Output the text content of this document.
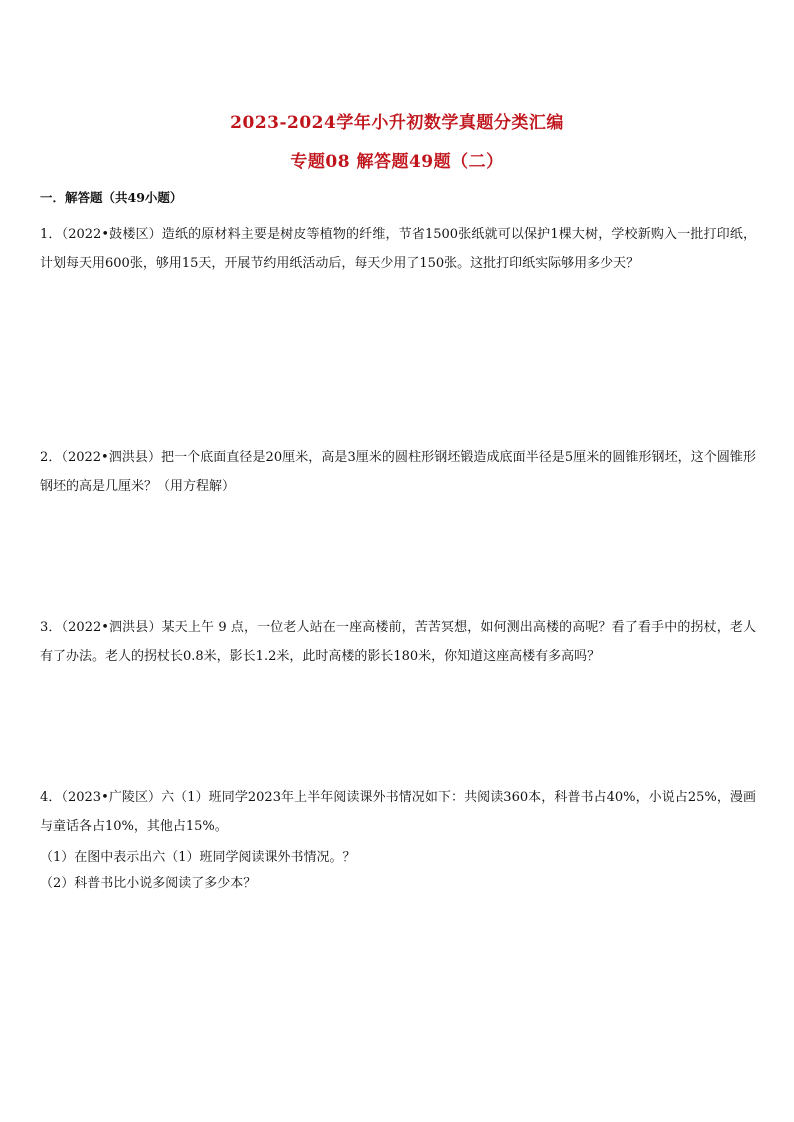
2023-2024学年小升初数学真题分类汇编
专题08 解答题49题（二）
一．解答题（共49小题）

1．（2022•鼓楼区）造纸的原材料主要是树皮等植物的纤维，节省1500张纸就可以保护1棵大树，学校新购入一批打印纸，计划每天用600张，够用15天，开展节约用纸活动后，每天少用了150张。这批打印纸实际够用多少天？

2．（2022•泗洪县）把一个底面直径是20厘米，高是3厘米的圆柱形钢坯锻造成底面半径是5厘米的圆锥形钢坯，这个圆锥形钢坯的高是几厘米？（用方程解）

3．（2022•泗洪县）某天上午 9 点，一位老人站在一座高楼前，苦苦冥想，如何测出高楼的高呢？看了看手中的拐杖，老人有了办法。老人的拐杖长0.8米，影长1.2米，此时高楼的影长180米，你知道这座高楼有多高吗？

4．（2023•广陵区）六（1）班同学2023年上半年阅读课外书情况如下：共阅读360本，科普书占40%，小说占25%，漫画与童话各占10%，其他占15%。

（1）在图中表示出六（1）班同学阅读课外书情况。？

（2）科普书比小说多阅读了多少本？
